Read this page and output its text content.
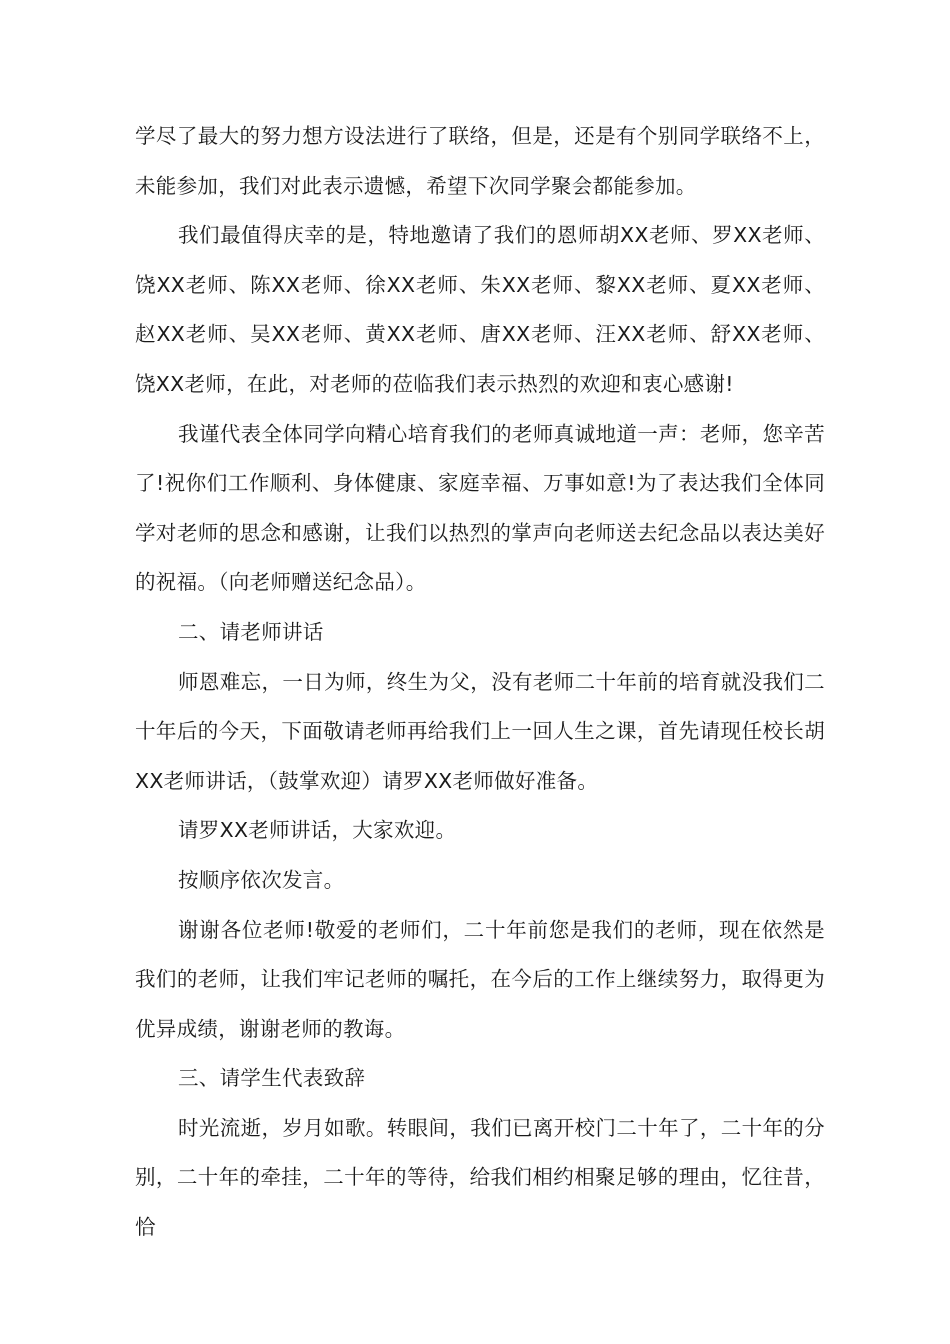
学尽了最大的努力想方设法进行了联络，但是，还是有个别同学联络不上，未能参加，我们对此表示遗憾，希望下次同学聚会都能参加。

我们最值得庆幸的是，特地邀请了我们的恩师胡XX老师、罗XX老师、饶XX老师、陈XX老师、徐XX老师、朱XX老师、黎XX老师、夏XX老师、赵XX老师、吴XX老师、黄XX老师、唐XX老师、汪XX老师、舒XX老师、饶XX老师，在此，对老师的莅临我们表示热烈的欢迎和衷心感谢!

我谨代表全体同学向精心培育我们的老师真诚地道一声：老师，您辛苦了!祝你们工作顺利、身体健康、家庭幸福、万事如意!为了表达我们全体同学对老师的思念和感谢，让我们以热烈的掌声向老师送去纪念品以表达美好的祝福。（向老师赠送纪念品）。

二、请老师讲话

师恩难忘，一日为师，终生为父，没有老师二十年前的培育就没我们二十年后的今天，下面敬请老师再给我们上一回人生之课，首先请现任校长胡XX老师讲话，（鼓掌欢迎）请罗XX老师做好准备。

请罗XX老师讲话，大家欢迎。

按顺序依次发言。

谢谢各位老师!敬爱的老师们，二十年前您是我们的老师，现在依然是我们的老师，让我们牢记老师的嘱托，在今后的工作上继续努力，取得更为优异成绩，谢谢老师的教诲。

三、请学生代表致辞

时光流逝，岁月如歌。转眼间，我们已离开校门二十年了，二十年的分别，二十年的牵挂，二十年的等待，给我们相约相聚足够的理由，忆往昔，恰
